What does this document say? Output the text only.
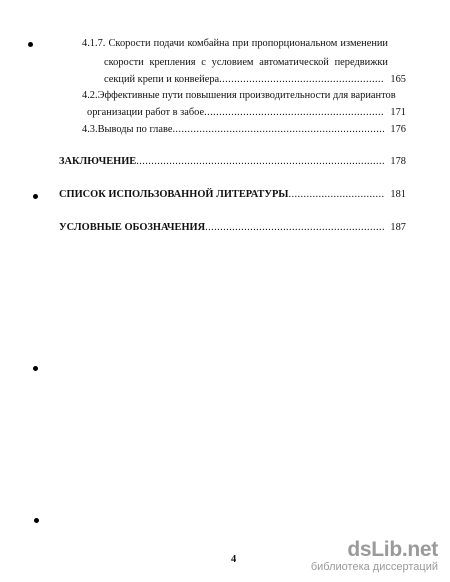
4.1.7. Скорости подачи комбайна при пропорциональном изменении
скорости крепления с условием автоматической передвижки
секций крепи и конвейера .....	165
4.2.Эффективные пути повышения производительности для вариантов
организации работ в забое .....	171
4.3.Выводы по главе .....	176
ЗАКЛЮЧЕНИЕ .....	178
СПИСОК ИСПОЛЬЗОВАННОЙ ЛИТЕРАТУРЫ .....	181
УСЛОВНЫЕ ОБОЗНАЧЕНИЯ .....	187
4	dsLib.net
библиотека диссертаций
